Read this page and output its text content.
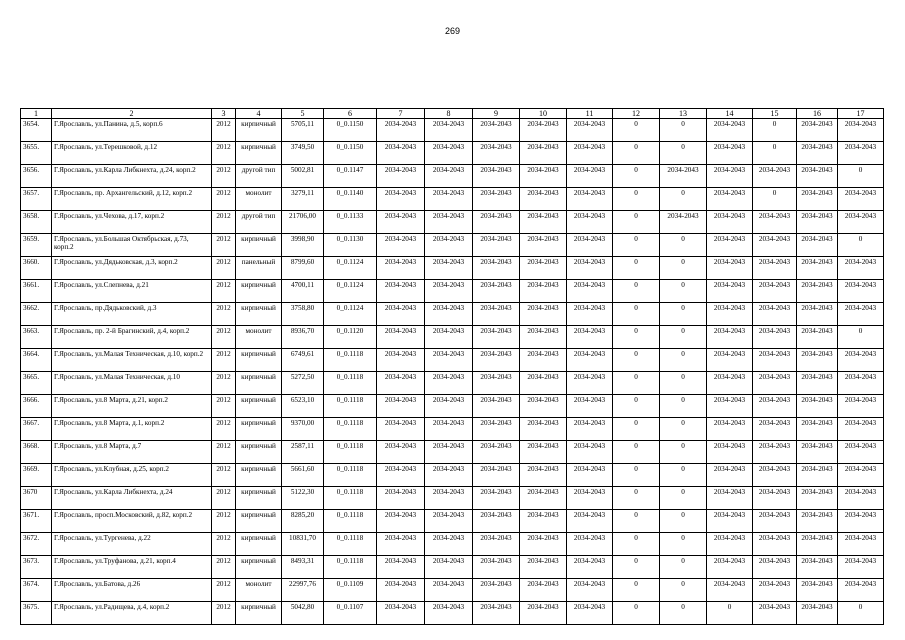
269
1	2	3	4	5	6	7	8	9	10	11	12	13	14	15	16	17
3654.	Г.Ярославль, ул.Панина, д.5, корп.6	2012	кирпичный	5705,11	0_0.1150	2034-2043	2034-2043	2034-2043	2034-2043	2034-2043	0	0	2034-2043	0	2034-2043	2034-2043
3655.	Г.Ярославль, ул.Терешковой, д.12	2012	кирпичный	3749,50	0_0.1150	2034-2043	2034-2043	2034-2043	2034-2043	2034-2043	0	0	2034-2043	0	2034-2043	2034-2043
3656.	Г.Ярославль, ул.Карла Либкнехта, д.24, корп.2	2012	другой тип	5002,81	0_0.1147	2034-2043	2034-2043	2034-2043	2034-2043	2034-2043	0	2034-2043	2034-2043	2034-2043	2034-2043	0
3657.	Г.Ярославль, пр. Архангельский, д.12, корп.2	2012	монолит	3279,11	0_0.1140	2034-2043	2034-2043	2034-2043	2034-2043	2034-2043	0	0	2034-2043	0	2034-2043	2034-2043
3658.	Г.Ярославль, ул.Чехова, д.17, корп.2	2012	другой тип	21706,00	0_0.1133	2034-2043	2034-2043	2034-2043	2034-2043	2034-2043	0	2034-2043	2034-2043	2034-2043	2034-2043	2034-2043
3659.	Г.Ярославль, ул.Большая Октябрьская, д.73, корп.2	2012	кирпичный	3998,90	0_0.1130	2034-2043	2034-2043	2034-2043	2034-2043	2034-2043	0	0	2034-2043	2034-2043	2034-2043	0
3660.	Г.Ярославль, ул.Дядьковская, д.3, корп.2	2012	панельный	8799,60	0_0.1124	2034-2043	2034-2043	2034-2043	2034-2043	2034-2043	0	0	2034-2043	2034-2043	2034-2043	2034-2043
3661.	Г.Ярославль, ул.Слепнева, д.21	2012	кирпичный	4700,11	0_0.1124	2034-2043	2034-2043	2034-2043	2034-2043	2034-2043	0	0	2034-2043	2034-2043	2034-2043	2034-2043
3662.	Г.Ярославль, пр.Дядьковский, д.3	2012	кирпичный	3758,80	0_0.1124	2034-2043	2034-2043	2034-2043	2034-2043	2034-2043	0	0	2034-2043	2034-2043	2034-2043	2034-2043
3663.	Г.Ярославль, пр. 2-й Брагинский, д.4, корп.2	2012	монолит	8936,70	0_0.1120	2034-2043	2034-2043	2034-2043	2034-2043	2034-2043	0	0	2034-2043	2034-2043	2034-2043	0
3664.	Г.Ярославль, ул.Малая Техническая, д.10, корп.2	2012	кирпичный	6749,61	0_0.1118	2034-2043	2034-2043	2034-2043	2034-2043	2034-2043	0	0	2034-2043	2034-2043	2034-2043	2034-2043
3665.	Г.Ярославль, ул.Малая Техническая, д.10	2012	кирпичный	5272,50	0_0.1118	2034-2043	2034-2043	2034-2043	2034-2043	2034-2043	0	0	2034-2043	2034-2043	2034-2043	2034-2043
3666.	Г.Ярославль, ул.8 Марта, д.21, корп.2	2012	кирпичный	6523,10	0_0.1118	2034-2043	2034-2043	2034-2043	2034-2043	2034-2043	0	0	2034-2043	2034-2043	2034-2043	2034-2043
3667.	Г.Ярославль, ул.8 Марта, д.1, корп.2	2012	кирпичный	9370,00	0_0.1118	2034-2043	2034-2043	2034-2043	2034-2043	2034-2043	0	0	2034-2043	2034-2043	2034-2043	2034-2043
3668.	Г.Ярославль, ул.8 Марта, д.7	2012	кирпичный	2587,11	0_0.1118	2034-2043	2034-2043	2034-2043	2034-2043	2034-2043	0	0	2034-2043	2034-2043	2034-2043	2034-2043
3669.	Г.Ярославль, ул.Клубная, д.25, корп.2	2012	кирпичный	5661,60	0_0.1118	2034-2043	2034-2043	2034-2043	2034-2043	2034-2043	0	0	2034-2043	2034-2043	2034-2043	2034-2043
3670	Г.Ярославль, ул.Карла Либкнехта, д.24	2012	кирпичный	5122,30	0_0.1118	2034-2043	2034-2043	2034-2043	2034-2043	2034-2043	0	0	2034-2043	2034-2043	2034-2043	2034-2043
3671.	Г.Ярославль, просп.Московский, д.82, корп.2	2012	кирпичный	8285,20	0_0.1118	2034-2043	2034-2043	2034-2043	2034-2043	2034-2043	0	0	2034-2043	2034-2043	2034-2043	2034-2043
3672.	Г.Ярославль, ул.Тургенева, д.22	2012	кирпичный	10831,70	0_0.1118	2034-2043	2034-2043	2034-2043	2034-2043	2034-2043	0	0	2034-2043	2034-2043	2034-2043	2034-2043
3673.	Г.Ярославль, ул.Труфанова, д.21, корп.4	2012	кирпичный	8493,31	0_0.1118	2034-2043	2034-2043	2034-2043	2034-2043	2034-2043	0	0	2034-2043	2034-2043	2034-2043	2034-2043
3674.	Г.Ярославль, ул.Батова, д.26	2012	монолит	22997,76	0_0.1109	2034-2043	2034-2043	2034-2043	2034-2043	2034-2043	0	0	2034-2043	2034-2043	2034-2043	2034-2043
3675.	Г.Ярославль, ул.Радищева, д.4, корп.2	2012	кирпичный	5042,80	0_0.1107	2034-2043	2034-2043	2034-2043	2034-2043	2034-2043	0	0	0	2034-2043	2034-2043	0
